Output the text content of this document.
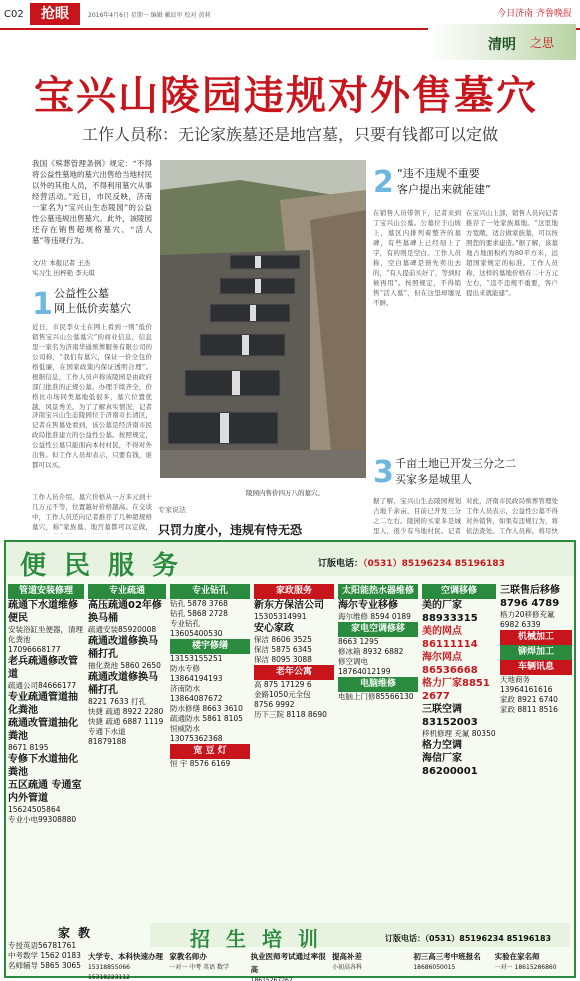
C02	抢眼	2016年4月6日 星期一 编辑 戴辰军 校对 黄莉	今日济南 齐鲁晚报
清明 之思
宝兴山陵园违规对外售墓穴
工作人员称：无论家族墓还是地宫墓，只要有钱都可以定做
我国《殡葬管理条例》规定：“不得将公益性墓地的墓穴出售给当地村民以外的其他人员，不得利用墓穴从事经营活动。”近日，市民反映，济南一家名为“宝兴山生态陵园”的公益性公墓违规出售墓穴。此外，该陵园还存在销售超规格墓穴、“活人墓”等违规行为。
文/片 本报记者 王杰
实习生 田梓艳 李天琪
1 公益性公墓
网上低价卖墓穴
近日，市民李女士在网上看到一则“低价销售宝兴山公墓墓穴”的商业信息，信息里一家名为济南华通殡葬服务有限公司的公司称，“我们有墓穴，保证一价全包价格低廉，在国家政策内保证透明合理”。根据信息，工作人员声称该陵园是由政府部门批准的正规公墓，办理手续齐全，价格比市场同类墓地低很多，墓穴位置优越，风景秀美。为了了解真实情况，记者
济南宝兴山生态陵园位于济南市长清区，记者在售墓处看到，该公墓是经济南市民政局批准建立的公益性公墓。按照规定，公益性公墓只能面向本村村民，不得对外出售。但工作人员却表示，只要有钱，谁都可以买。
工作人员介绍，墓穴价格从一万多元到十几万元不等，位置越好价格越高。在交谈中，工作人员还向记者推荐了几种超规格墓穴，称“家族墓、地宫墓都可以定做，
陵园内售价四万八的墓穴。
2 “违不违规不重要
客户提出来就能建”
在销售人员带领下，记者来到了宝兴山公墓。公墓位于山坡上，墓区内排列着整齐的墓碑，有些墓碑上已经刻上了字，有的则是空白。工作人员称，空白墓碑是预先卖出去的，“有人提前买好了，等到时候再用”。按照规定，不得销售“活人墓”，但在这里却屡见不鲜。
在宝兴山上部，销售人员向记者推荐了一处家族墓地。“这里地方宽敞，适合做家族墓，可以按照您的要求建造。”据了解，该墓地占地面积约为80平方米，远超国家规定的标准。工作人员称，这样的墓地价格在二十万元左右，“违不违规不重要，客户提出来就能建”。
3 千亩土地已开发三分之二
买家多是城里人
据了解，宝兴山生态陵园规划占地千余亩，目前已开发三分之二左右。陵园的买家多是城里人，很少有当地村民。记者
对此，济南市民政局殡葬管理处工作人员表示，公益性公墓不得对外销售，如果有违规行为，将依法查处。工作人员称，将尽快
专家说法
只罚力度小，违规有恃无恐
便民服务	订版电话：（0531）85196234 85196183
管道安装修理
疏通下水道维修便民
安装浴缸坐便器，清理化粪池
17096668177
老兵疏通修改管道
疏通公司84666177
专业疏通管道抽化粪池
疏通改管道抽化粪池
8671 8195
专修下水道抽化粪池
五区疏通 专通室内外管道
15624505864
专业小电99308880
专业疏通
高压疏通02年修换马桶
疏通安装85920008
疏通改道修换马桶打孔
抽化粪池 5860 2650
疏通改道修换马桶打孔
8221 7633 打孔
快捷 疏通 8922 2280
快捷 疏通 6887 1119
专通下水道 81879188
专业钻孔
钻孔 5878 3768
钻孔 5868 2728
专业钻孔13605400530
楼宇修缮
13153155251
防水专修13864194193
济南防水13864087672
防水修缮 8663 3610
疏通防水 5861 8105
恒威防水 13075362368
宽 豆 灯
恒 宇 8576 6169
家政服务
新东方保洁公司
15305314991
安心家政
保洁 8606 3525
保洁 5875 6345
保洁 8095 3088
老年公寓
高 875 17129 6
金路1050元全包
8756 9992
历下三院 8118 8690
太阳能热水器维修
海尔专业移修
海尔维修 8594 0189
家电空调修移
8663 1295
修冰箱 8932 6882
修空调电18764012199
电脑维修
电脑上门修85566130
空调移修
美的厂家88933315
美的网点86111114
海尔网点86536668
格力厂家8851 2677
三联空调83152003
移机修理 充氟 80350
格力空调
海信厂家86200001
三联售后移修
8796 4789
格力20移修充氟
6982 6339
机械加工
铆焊加工
车辆讯息
天地商务13964161616
家政 8921 6740
家政 8811 8516
招生培训	订版电话：（0531）85196234 85196183
家教
专授英语56781761
中考数学 1562 0183
名师辅导 5865 3065
大学专、本科快速办理
15318855066 15318223112
家教名师办
一对一 中考 英语 数学
执业医师考试通过率很高
18615267262
提高补差
小初高各科
初三高三考中班报名
18686050015
实验在家名师
一对一 18615286860
